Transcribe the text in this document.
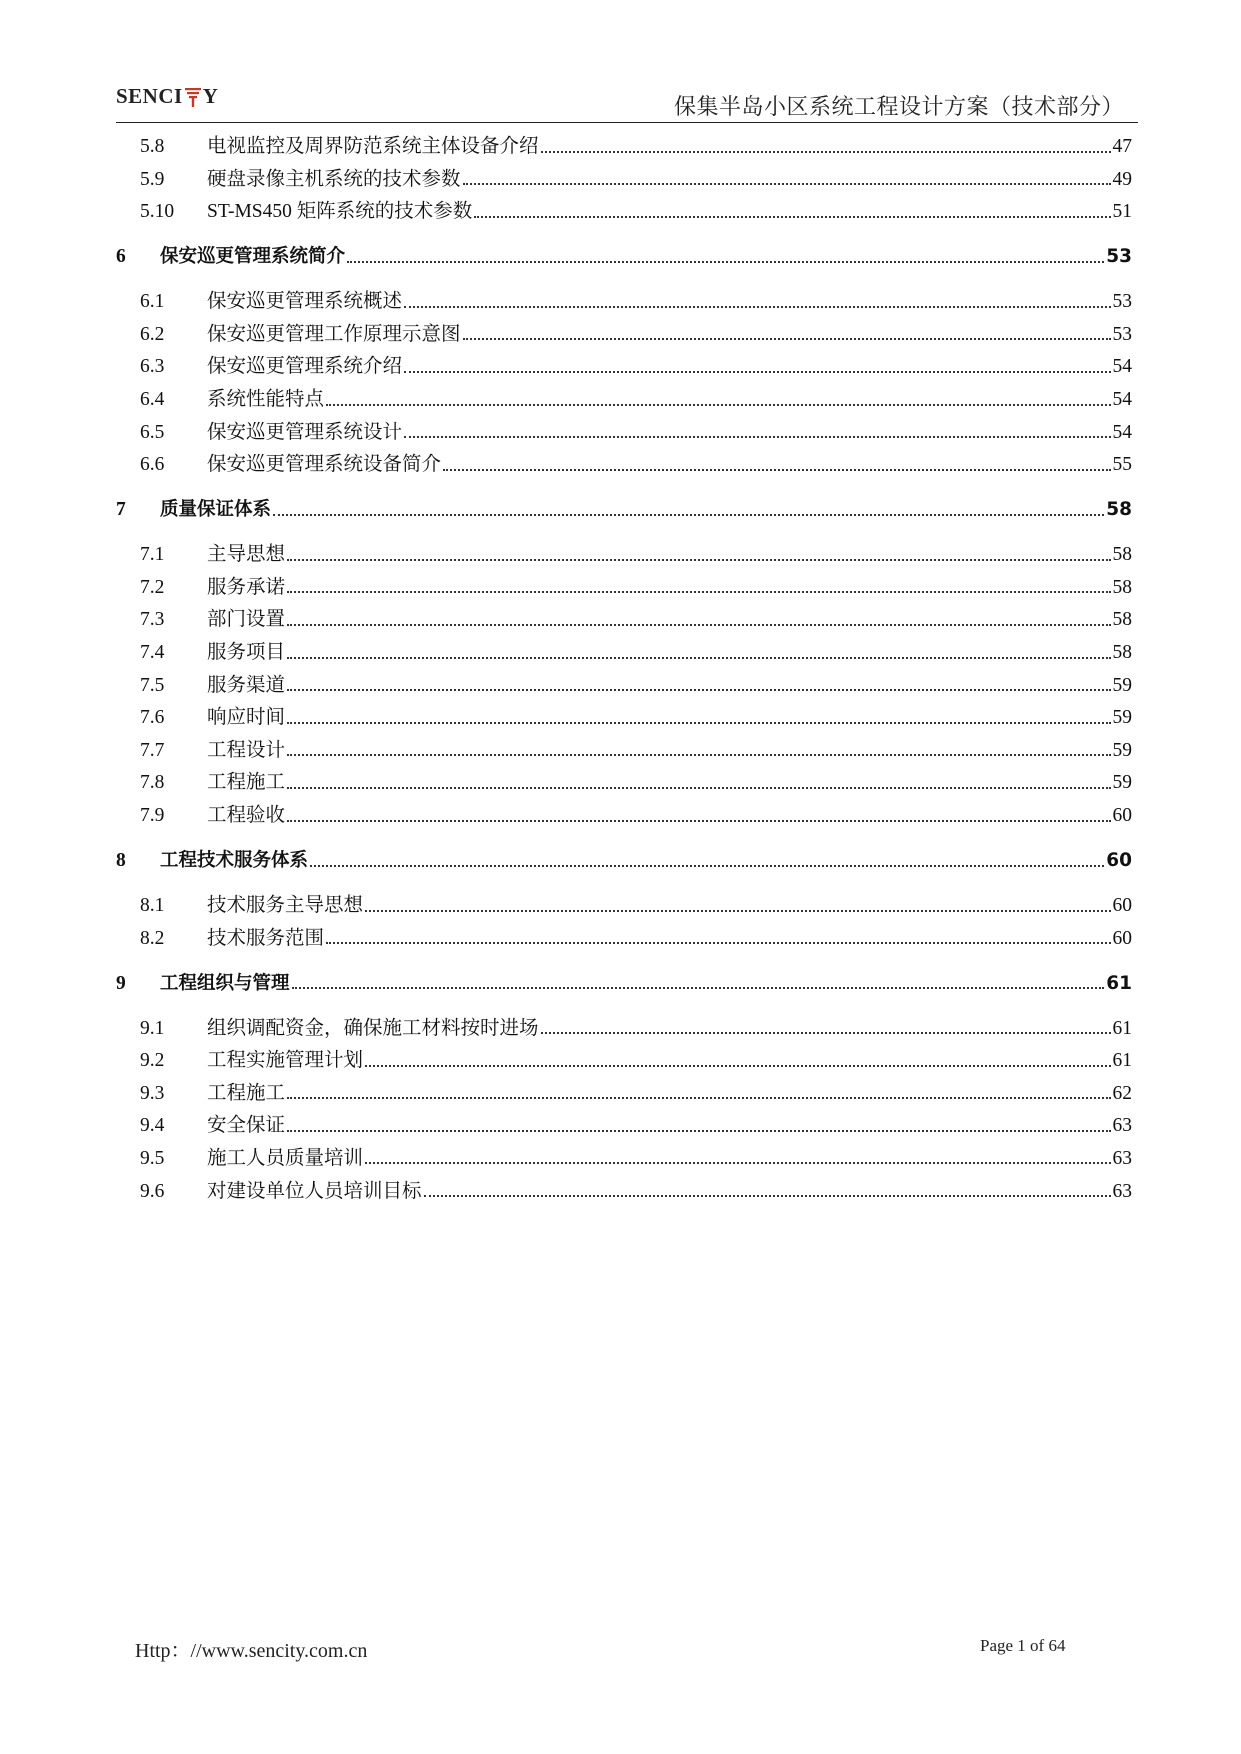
SENCI Y	保集半岛小区系统工程设计方案（技术部分）
5.8	电视监控及周界防范系统主体设备介绍	47
5.9	硬盘录像主机系统的技术参数	49
5.10	ST-MS450 矩阵系统的技术参数	51
6	保安巡更管理系统简介	53
6.1	保安巡更管理系统概述	53
6.2	保安巡更管理工作原理示意图	53
6.3	保安巡更管理系统介绍	54
6.4	系统性能特点	54
6.5	保安巡更管理系统设计	54
6.6	保安巡更管理系统设备简介	55
7	质量保证体系	58
7.1	主导思想	58
7.2	服务承诺	58
7.3	部门设置	58
7.4	服务项目	58
7.5	服务渠道	59
7.6	响应时间	59
7.7	工程设计	59
7.8	工程施工	59
7.9	工程验收	60
8	工程技术服务体系	60
8.1	技术服务主导思想	60
8.2	技术服务范围	60
9	工程组织与管理	61
9.1	组织调配资金，确保施工材料按时进场	61
9.2	工程实施管理计划	61
9.3	工程施工	62
9.4	安全保证	63
9.5	施工人员质量培训	63
9.6	对建设单位人员培训目标	63
Http：//www.sencity.com.cn	Page 1 of 64
